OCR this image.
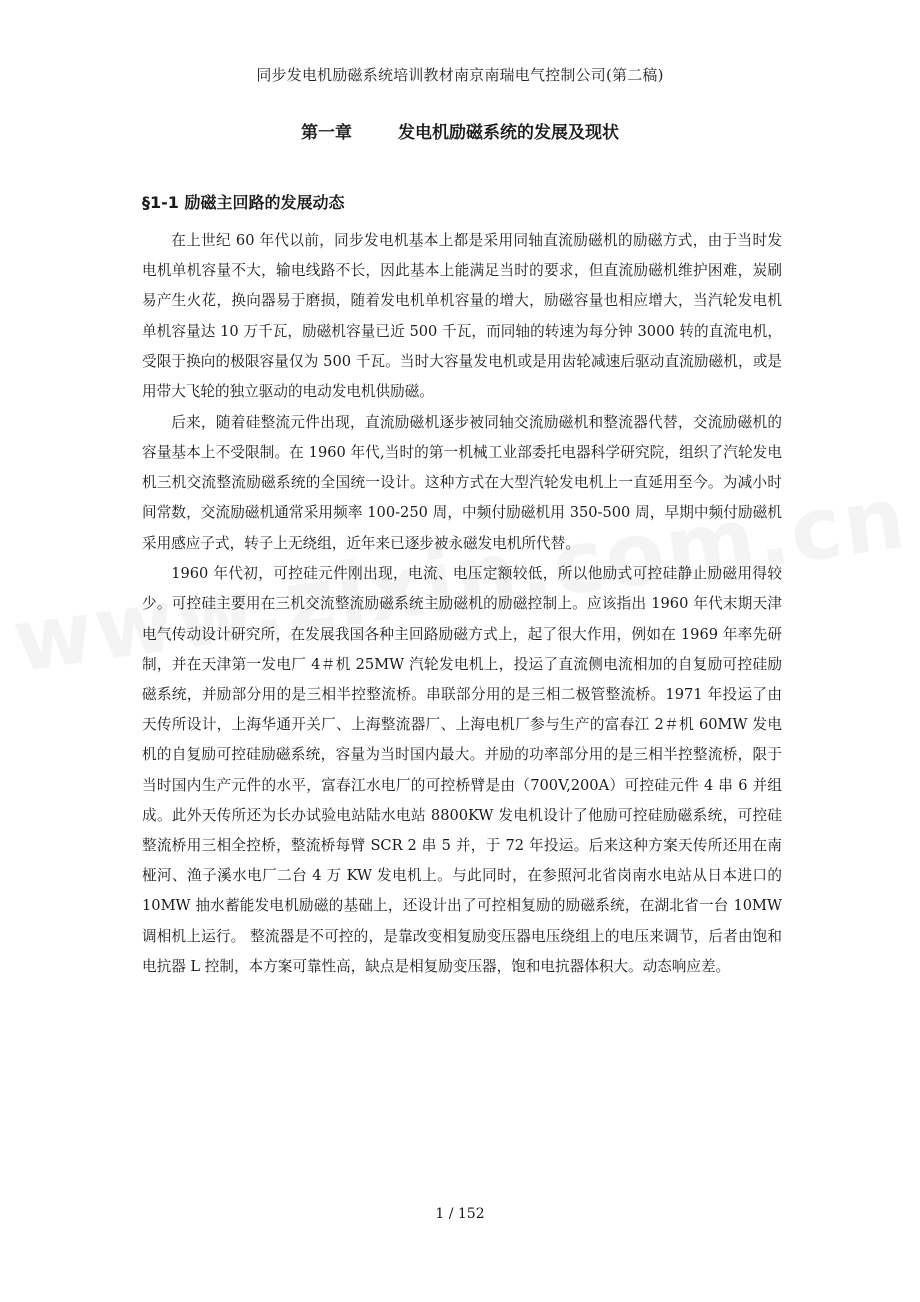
同步发电机励磁系统培训教材南京南瑞电气控制公司(第二稿)
第一章	发电机励磁系统的发展及现状
§1-1 励磁主回路的发展动态

在上世纪 60 年代以前，同步发电机基本上都是采用同轴直流励磁机的励磁方式，由于当时发电机单机容量不大，输电线路不长，因此基本上能满足当时的要求，但直流励磁机维护困难，炭刷易产生火花，换向器易于磨损，随着发电机单机容量的增大，励磁容量也相应增大，当汽轮发电机单机容量达 10 万千瓦，励磁机容量已近 500 千瓦，而同轴的转速为每分钟 3000 转的直流电机，受限于换向的极限容量仅为 500 千瓦。当时大容量发电机或是用齿轮减速后驱动直流励磁机，或是用带大飞轮的独立驱动的电动发电机供励磁。

后来，随着硅整流元件出现，直流励磁机逐步被同轴交流励磁机和整流器代替，交流励磁机的容量基本上不受限制。在 1960 年代,当时的第一机械工业部委托电器科学研究院，组织了汽轮发电机三机交流整流励磁系统的全国统一设计。这种方式在大型汽轮发电机上一直延用至今。为减小时间常数，交流励磁机通常采用频率 100-250 周，中频付励磁机用 350-500 周，早期中频付励磁机采用感应子式，转子上无绕组，近年来已逐步被永磁发电机所代替。

1960 年代初，可控硅元件刚出现，电流、电压定额较低，所以他励式可控硅静止励磁用得较少。可控硅主要用在三机交流整流励磁系统主励磁机的励磁控制上。应该指出 1960 年代末期天津电气传动设计研究所，在发展我国各种主回路励磁方式上，起了很大作用，例如在 1969 年率先研制，并在天津第一发电厂 4＃机 25MW 汽轮发电机上，投运了直流侧电流相加的自复励可控硅励磁系统，并励部分用的是三相半控整流桥。串联部分用的是三相二极管整流桥。1971 年投运了由天传所设计，上海华通开关厂、上海整流器厂、上海电机厂参与生产的富春江 2＃机 60MW 发电机的自复励可控硅励磁系统，容量为当时国内最大。并励的功率部分用的是三相半控整流桥，限于当时国内生产元件的水平，富春江水电厂的可控桥臂是由（700V,200A）可控硅元件 4 串 6 并组成。此外天传所还为长办试验电站陆水电站 8800KW 发电机设计了他励可控硅励磁系统，可控硅整流桥用三相全控桥，整流桥每臂 SCR 2 串 5 并，于 72 年投运。后来这种方案天传所还用在南桠河、渔子溪水电厂二台 4 万 KW 发电机上。与此同时，在参照河北省岗南水电站从日本进口的 10MW 抽水蓄能发电机励磁的基础上，还设计出了可控相复励的励磁系统，在湖北省一台 10MW 调相机上运行。 整流器是不可控的，是靠改变相复励变压器电压绕组上的电压来调节，后者由饱和电抗器 L 控制，本方案可靠性高，缺点是相复励变压器，饱和电抗器体积大。动态响应差。

1 / 152
